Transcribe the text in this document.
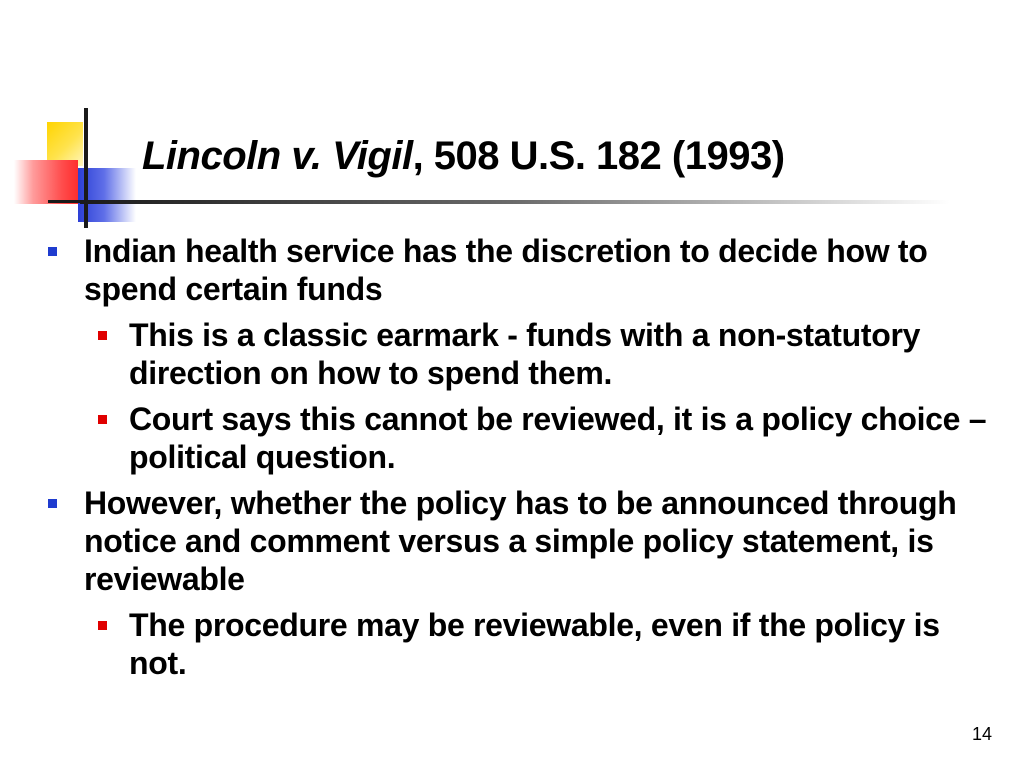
Lincoln v. Vigil, 508 U.S. 182 (1993)
Indian health service has the discretion to decide how to spend certain funds
This is a classic earmark - funds with a non-statutory direction on how to spend them.
Court says this cannot be reviewed, it is a policy choice – political question.
However, whether the policy has to be announced through notice and comment versus a simple policy statement, is reviewable
The procedure may be reviewable, even if the policy is not.
14
